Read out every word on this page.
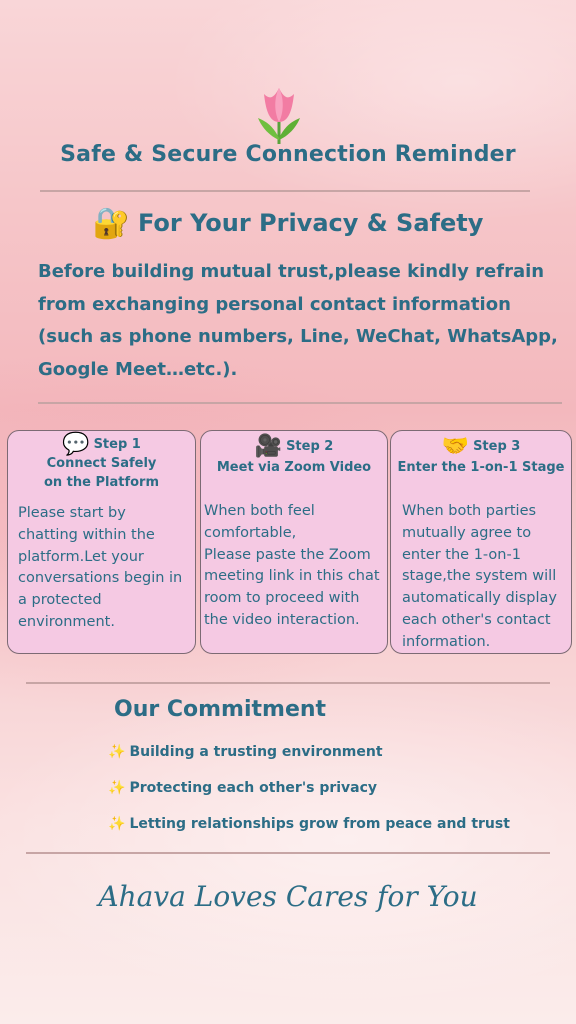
Safe & Secure Connection Reminder
🔐 For Your Privacy & Safety
Before building mutual trust,please kindly refrain
from exchanging personal contact information
(such as phone numbers, Line, WeChat, WhatsApp,
Google Meet…etc.).
💬 Step 1
Connect Safely
on the Platform
Please start by
chatting within the
platform.Let your
conversations begin in
a protected
environment.
🎥 Step 2
Meet via Zoom Video
When both feel
comfortable,
Please paste the Zoom
meeting link in this chat
room to proceed with
the video interaction.
🤝 Step 3
Enter the 1-on-1 Stage
When both parties
mutually agree to
enter the 1-on-1
stage,the system will
automatically display
each other's contact
information.
Our Commitment
✨ Building a trusting environment
✨ Protecting each other's privacy
✨ Letting relationships grow from peace and trust
Ahava Loves Cares for You
